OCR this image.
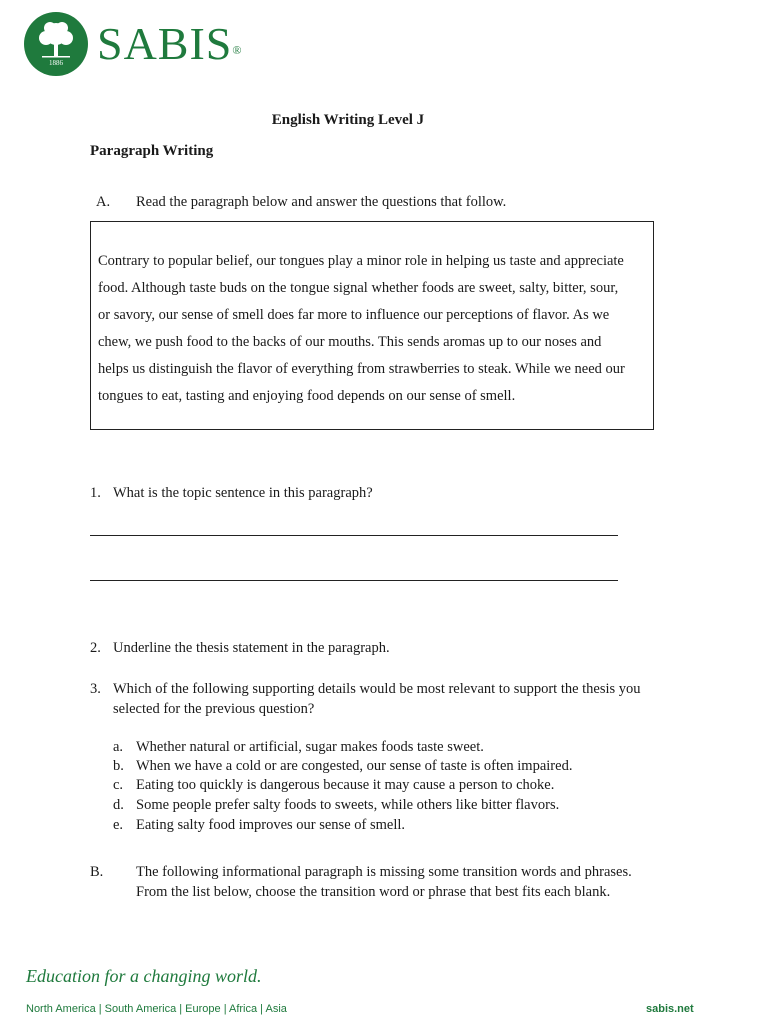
1886 SABIS®
English Writing Level J
Paragraph Writing
A. Read the paragraph below and answer the questions that follow.
Contrary to popular belief, our tongues play a minor role in helping us taste and appreciate
food. Although taste buds on the tongue signal whether foods are sweet, salty, bitter, sour,
or savory, our sense of smell does far more to influence our perceptions of flavor. As we
chew, we push food to the backs of our mouths. This sends aromas up to our noses and
helps us distinguish the flavor of everything from strawberries to steak. While we need our
tongues to eat, tasting and enjoying food depends on our sense of smell.
1. What is the topic sentence in this paragraph?
2. Underline the thesis statement in the paragraph.
3. Which of the following supporting details would be most relevant to support the thesis you
selected for the previous question?
a. Whether natural or artificial, sugar makes foods taste sweet.
b. When we have a cold or are congested, our sense of taste is often impaired.
c. Eating too quickly is dangerous because it may cause a person to choke.
d. Some people prefer salty foods to sweets, while others like bitter flavors.
e. Eating salty food improves our sense of smell.
B. The following informational paragraph is missing some transition words and phrases.
From the list below, choose the transition word or phrase that best fits each blank.
Education for a changing world.
North America | South America | Europe | Africa | Asia	sabis.net
